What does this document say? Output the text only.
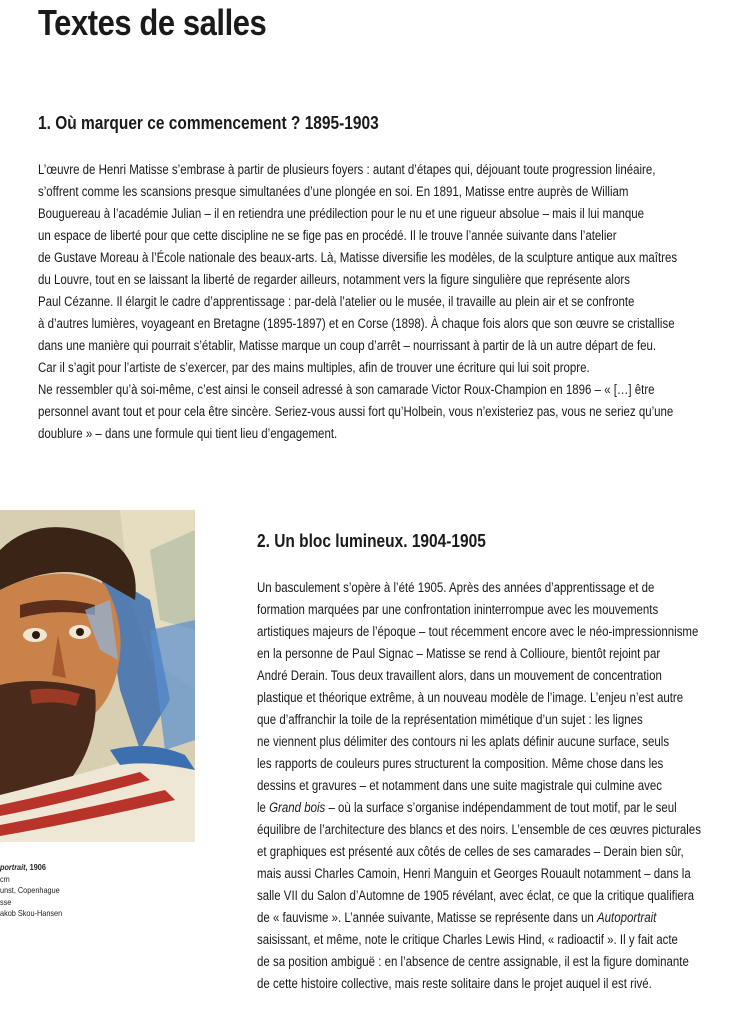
Textes de salles
1. Où marquer ce commencement ? 1895-1903

L’œuvre de Henri Matisse s’embrase à partir de plusieurs foyers : autant d’étapes qui, déjouant toute progression linéaire,
s’offrent comme les scansions presque simultanées d’une plongée en soi. En 1891, Matisse entre auprès de William
Bouguereau à l’académie Julian – il en retiendra une prédilection pour le nu et une rigueur absolue – mais il lui manque
un espace de liberté pour que cette discipline ne se fige pas en procédé. Il le trouve l’année suivante dans l’atelier
de Gustave Moreau à l’École nationale des beaux-arts. Là, Matisse diversifie les modèles, de la sculpture antique aux maîtres
du Louvre, tout en se laissant la liberté de regarder ailleurs, notamment vers la figure singulière que représente alors
Paul Cézanne. Il élargit le cadre d’apprentissage : par-delà l’atelier ou le musée, il travaille au plein air et se confronte
à d’autres lumières, voyageant en Bretagne (1895-1897) et en Corse (1898). À chaque fois alors que son œuvre se cristallise
dans une manière qui pourrait s’établir, Matisse marque un coup d’arrêt – nourrissant à partir de là un autre départ de feu.
Car il s’agit pour l’artiste de s’exercer, par des mains multiples, afin de trouver une écriture qui lui soit propre.
Ne ressembler qu’à soi-même, c’est ainsi le conseil adressé à son camarade Victor Roux-Champion en 1896 – « […] être
personnel avant tout et pour cela être sincère. Seriez-vous aussi fort qu’Holbein, vous n’existeriez pas, vous ne seriez qu’une
doublure » – dans une formule qui tient lieu d’engagement.

portrait, 1906
cm
unst, Copenhague
sse
akob Skou-Hansen
2. Un bloc lumineux. 1904-1905

Un basculement s’opère à l’été 1905. Après des années d’apprentissage et de
formation marquées par une confrontation ininterrompue avec les mouvements
artistiques majeurs de l’époque – tout récemment encore avec le néo-impressionnisme
en la personne de Paul Signac – Matisse se rend à Collioure, bientôt rejoint par
André Derain. Tous deux travaillent alors, dans un mouvement de concentration
plastique et théorique extrême, à un nouveau modèle de l’image. L’enjeu n’est autre
que d’affranchir la toile de la représentation mimétique d’un sujet : les lignes
ne viennent plus délimiter des contours ni les aplats définir aucune surface, seuls
les rapports de couleurs pures structurent la composition. Même chose dans les
dessins et gravures – et notamment dans une suite magistrale qui culmine avec
le Grand bois – où la surface s’organise indépendamment de tout motif, par le seul
équilibre de l’architecture des blancs et des noirs. L’ensemble de ces œuvres picturales
et graphiques est présenté aux côtés de celles de ses camarades – Derain bien sûr,
mais aussi Charles Camoin, Henri Manguin et Georges Rouault notamment – dans la
salle VII du Salon d’Automne de 1905 révélant, avec éclat, ce que la critique qualifiera
de « fauvisme ». L’année suivante, Matisse se représente dans un Autoportrait
saisissant, et même, note le critique Charles Lewis Hind, « radioactif ». Il y fait acte
de sa position ambiguë : en l’absence de centre assignable, il est la figure dominante
de cette histoire collective, mais reste solitaire dans le projet auquel il est rivé.
